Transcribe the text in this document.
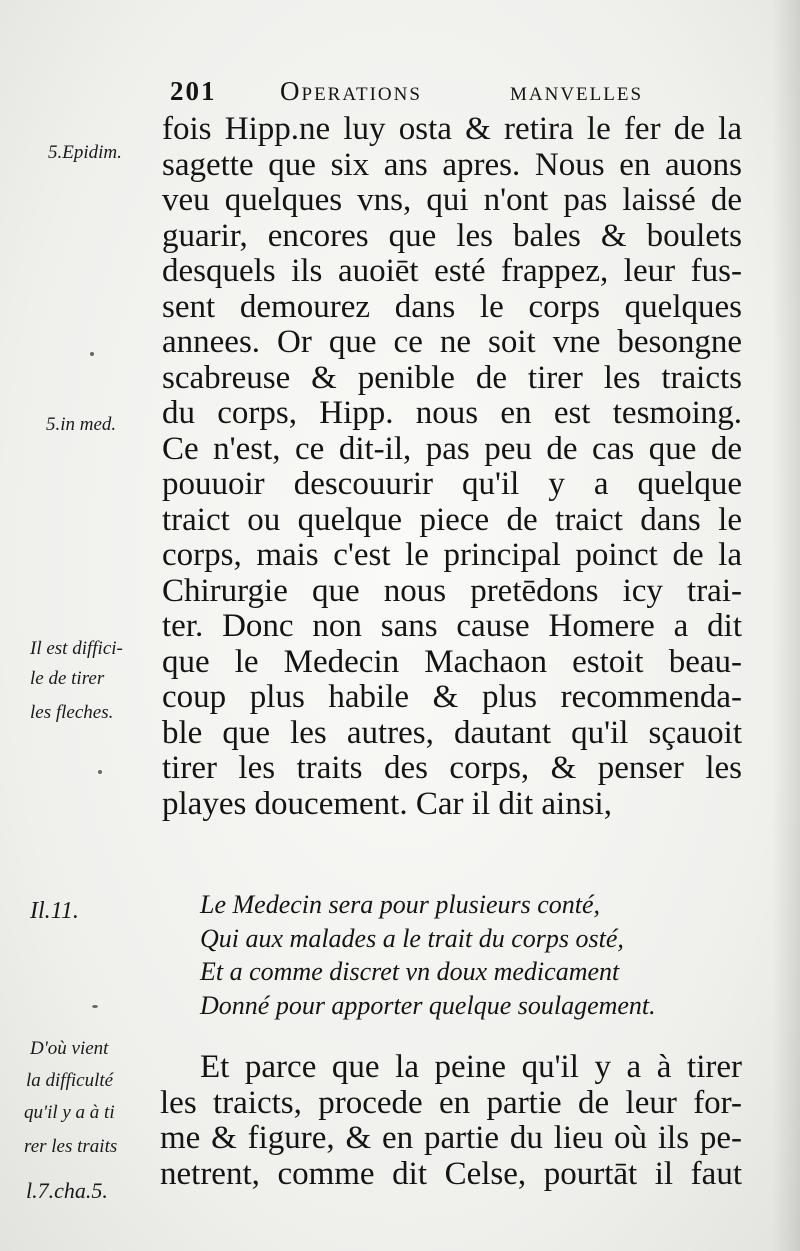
201 Operations	manvelles
fois Hipp.ne luy osta & retira le fer de la
sagette que six ans apres. Nous en auons
veu quelques vns, qui n'ont pas laissé de
guarir, encores que les bales & boulets
desquels ils auoiēt esté frappez, leur fus-
sent demourez dans le corps quelques
annees. Or que ce ne soit vne besongne
scabreuse & penible de tirer les traicts
du corps, Hipp. nous en est tesmoing.
Ce n'est, ce dit-il, pas peu de cas que de
pouuoir descouurir qu'il y a quelque
traict ou quelque piece de traict dans le
corps, mais c'est le principal poinct de la
Chirurgie que nous pretēdons icy trai-
ter. Donc non sans cause Homere a dit
que le Medecin Machaon estoit beau-
coup plus habile & plus recommenda-
ble que les autres, dautant qu'il sçauoit
tirer les traits des corps, & penser les
playes doucement. Car il dit ainsi,
Le Medecin sera pour plusieurs conté,
Qui aux malades a le trait du corps osté,
Et a comme discret vn doux medicament
Donné pour apporter quelque soulagement.
Et parce que la peine qu'il y a à tirer
les traicts, procede en partie de leur for-
me & figure, & en partie du lieu où ils pe-
netrent, comme dit Celse, pourtāt il faut
5.Epidim.
5.in med.
Il est diffici-
le de tirer
les fleches.
Il.11.
D'où vient
la difficulté
qu'il y a à ti
rer les traits
l.7.cha.5.
